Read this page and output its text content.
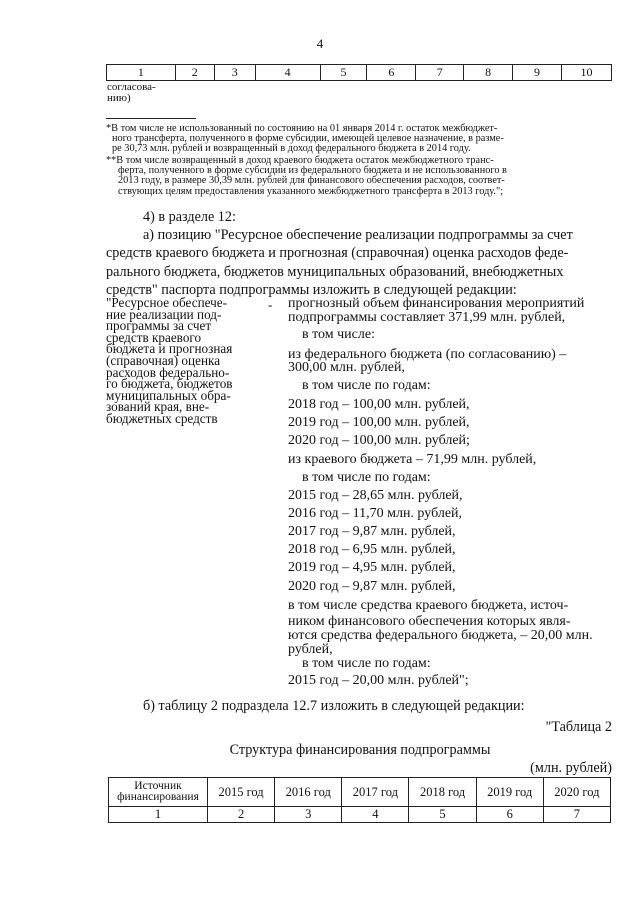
4
1	2	3	4	5	6	7	8	9	10
согласова-
нию)
*В том числе не использованный по состоянию на 01 января 2014 г. остаток межбюджет-
ного трансферта, полученного в форме субсидии, имеющей целевое назначение, в разме-
ре 30,73 млн. рублей и возвращенный в доход федерального бюджета в 2014 году.
**В том числе возвращенный в доход краевого бюджета остаток межбюджетного транс-
ферта, полученного в форме субсидии из федерального бюджета и не использованного в
2013 году, в размере 30,39 млн. рублей для финансового обеспечения расходов, соответ-
ствующих целям предоставления указанного межбюджетного трансферта в 2013 году.";
4) в разделе 12:
а) позицию "Ресурсное обеспечение реализации подпрограммы за счет
средств краевого бюджета и прогнозная (справочная) оценка расходов феде-
рального бюджета, бюджетов муниципальных образований, внебюджетных
средств" паспорта подпрограммы изложить в следующей редакции:
"Ресурсное обеспече-
ние реализации под-
программы за счет
средств краевого
бюджета и прогнозная
(справочная) оценка
расходов федерально-
го бюджета, бюджетов
муниципальных обра-
зований края, вне-
бюджетных средств
- прогнозный объем финансирования мероприятий
подпрограммы составляет 371,99 млн. рублей,
в том числе:
из федерального бюджета (по согласованию) –
300,00 млн. рублей,
в том числе по годам:
2018 год – 100,00 млн. рублей,
2019 год – 100,00 млн. рублей,
2020 год – 100,00 млн. рублей;
из краевого бюджета – 71,99 млн. рублей,
в том числе по годам:
2015 год – 28,65 млн. рублей,
2016 год – 11,70 млн. рублей,
2017 год – 9,87 млн. рублей,
2018 год – 6,95 млн. рублей,
2019 год – 4,95 млн. рублей,
2020 год – 9,87 млн. рублей,
в том числе средства краевого бюджета, источ-
ником финансового обеспечения которых явля-
ются средства федерального бюджета, – 20,00 млн.
рублей,
в том числе по годам:
2015 год – 20,00 млн. рублей";
б) таблицу 2 подраздела 12.7 изложить в следующей редакции:
"Таблица 2
Структура финансирования подпрограммы
(млн. рублей)
Источник
финансирования	2015 год	2016 год	2017 год	2018 год	2019 год	2020 год
1	2	3	4	5	6	7
